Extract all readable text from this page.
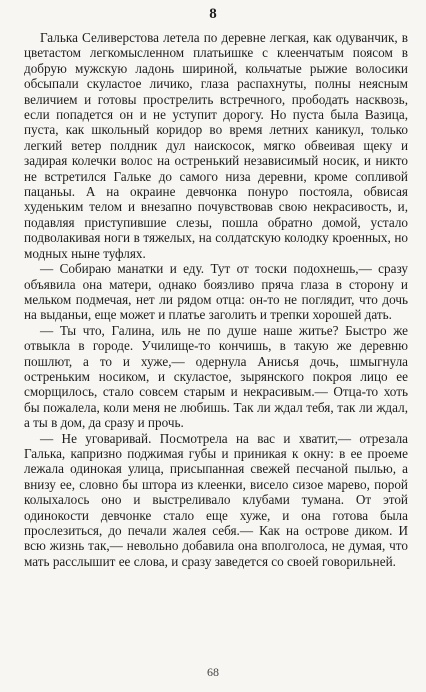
8

Галька Селиверстова летела по деревне легкая, как одуванчик, в цветастом легкомысленном платьишке с клеенчатым поясом в добрую мужскую ладонь шириной, кольчатые рыжие волосики обсыпали скуластое личико, глаза распахнуты, полны неясным величием и готовы прострелить встречного, прободать насквозь, если попадется он и не уступит дорогу. Но пуста была Вазица, пуста, как школьный коридор во время летних каникул, только легкий ветер полдник дул наискосок, мягко обвеивая щеку и задирая колечки волос на остренький независимый носик, и никто не встретился Гальке до самого низа деревни, кроме сопливой пацаньы. А на окраине девчонка понуро постояла, обвисая худеньким телом и внезапно почувствовав свою некрасивость, и, подавляя приступившие слезы, пошла обратно домой, устало подволакивая ноги в тяжелых, на солдатскую колодку кроенных, но модных ныне туфлях.

— Собираю манатки и еду. Тут от тоски подохнешь,— сразу объявила она матери, однако боязливо пряча глаза в сторону и мельком подмечая, нет ли рядом отца: он-то не поглядит, что дочь на выданьи, еще может и платье заголить и трепки хорошей дать.

— Ты что, Галина, иль не по душе наше житье? Быстро же отвыкла в городе. Училище-то кончишь, в такую же деревню пошлют, а то и хуже,— одернула Анисья дочь, шмыгнула остреньким носиком, и скуластое, зырянского покроя лицо ее сморщилось, стало совсем старым и некрасивым.— Отца-то хоть бы пожалела, коли меня не любишь. Так ли ждал тебя, так ли ждал, а ты в дом, да сразу и прочь.

— Не уговаривай. Посмотрела на вас и хватит,— отрезала Галька, капризно поджимая губы и приникая к окну: в ее проеме лежала одинокая улица, присыпанная свежей песчаной пылью, а внизу ее, словно бы штора из клеенки, висело сизое марево, порой колыхалось оно и выстреливало клубами тумана. От этой одинокости девчонке стало еще хуже, и она готова была прослезиться, до печали жалея себя.— Как на острове диком. И всю жизнь так,— невольно добавила она вполголоса, не думая, что мать расслышит ее слова, и сразу заведется со своей говорильней.

68
